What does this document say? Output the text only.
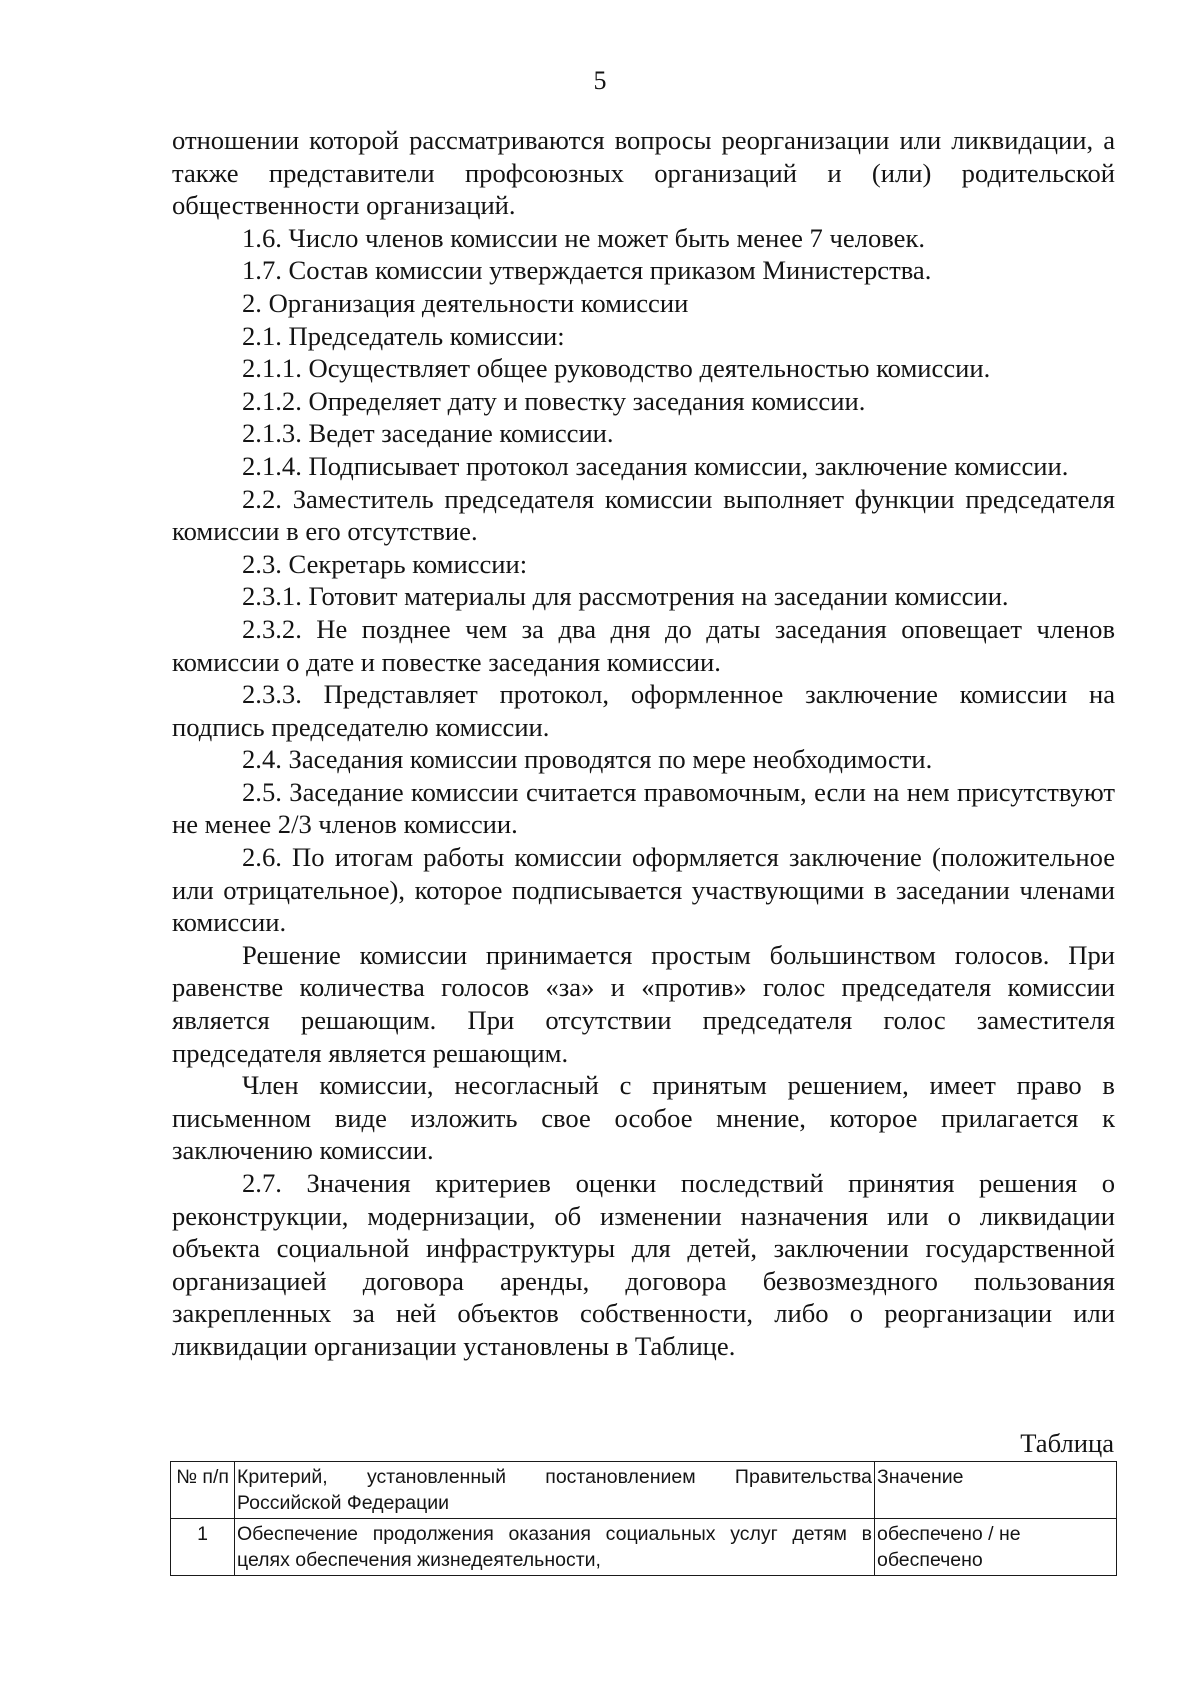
5

отношении которой рассматриваются вопросы реорганизации или ликвидации, а также представители профсоюзных организаций и (или) родительской общественности организаций.

1.6. Число членов комиссии не может быть менее 7 человек.

1.7. Состав комиссии утверждается приказом Министерства.

2. Организация деятельности комиссии

2.1. Председатель комиссии:

2.1.1. Осуществляет общее руководство деятельностью комиссии.

2.1.2. Определяет дату и повестку заседания комиссии.

2.1.3. Ведет заседание комиссии.

2.1.4. Подписывает протокол заседания комиссии, заключение комиссии.

2.2. Заместитель председателя комиссии выполняет функции председателя комиссии в его отсутствие.

2.3. Секретарь комиссии:

2.3.1. Готовит материалы для рассмотрения на заседании комиссии.

2.3.2. Не позднее чем за два дня до даты заседания оповещает членов комиссии о дате и повестке заседания комиссии.

2.3.3. Представляет протокол, оформленное заключение комиссии на подпись председателю комиссии.

2.4. Заседания комиссии проводятся по мере необходимости.

2.5. Заседание комиссии считается правомочным, если на нем присутствуют не менее 2/3 членов комиссии.

2.6. По итогам работы комиссии оформляется заключение (положительное или отрицательное), которое подписывается участвующими в заседании членами комиссии.

Решение комиссии принимается простым большинством голосов. При равенстве количества голосов «за» и «против» голос председателя комиссии является решающим. При отсутствии председателя голос заместителя председателя является решающим.

Член комиссии, несогласный с принятым решением, имеет право в письменном виде изложить свое особое мнение, которое прилагается к заключению комиссии.

2.7. Значения критериев оценки последствий принятия решения о реконструкции, модернизации, об изменении назначения или о ликвидации объекта социальной инфраструктуры для детей, заключении государственной организацией договора аренды, договора безвозмездного пользования закрепленных за ней объектов собственности, либо о реорганизации или ликвидации организации установлены в Таблице.

Таблица
№ п/п	Критерий, установленный постановлением Правительства Российской Федерации	Значение
1	Обеспечение продолжения оказания социальных услуг детям в целях обеспечения жизнедеятельности,	обеспечено / не обеспечено
